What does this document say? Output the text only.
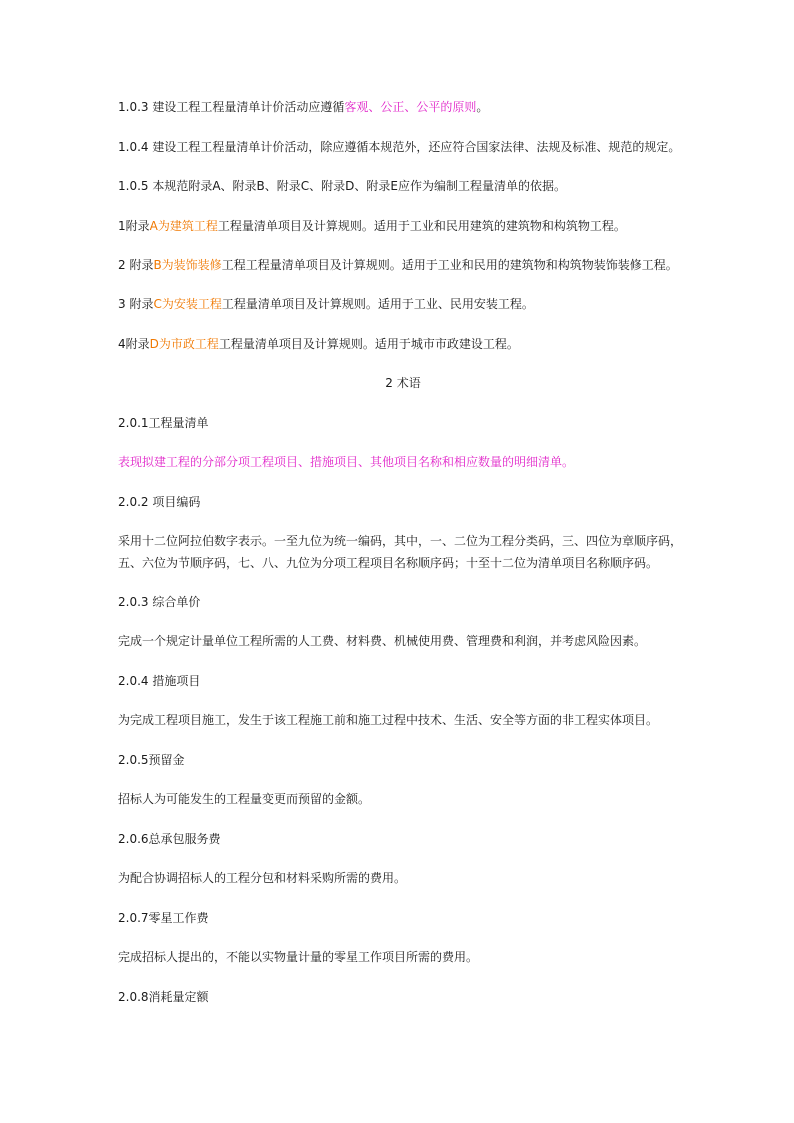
1.0.3 建设工程工程量清单计价活动应遵循客观、公正、公平的原则。
1.0.4 建设工程工程量清单计价活动，除应遵循本规范外，还应符合国家法律、法规及标准、规范的规定。
1.0.5 本规范附录A、附录B、附录C、附录D、附录E应作为编制工程量清单的依据。
1附录A为建筑工程工程量清单项目及计算规则。适用于工业和民用建筑的建筑物和构筑物工程。
2 附录B为装饰装修工程工程量清单项目及计算规则。适用于工业和民用的建筑物和构筑物装饰装修工程。
3 附录C为安装工程工程量清单项目及计算规则。适用于工业、民用安装工程。
4附录D为市政工程工程量清单项目及计算规则。适用于城市市政建设工程。
2 术语
2.0.1工程量清单
表现拟建工程的分部分项工程项目、措施项目、其他项目名称和相应数量的明细清单。
2.0.2 项目编码
采用十二位阿拉伯数字表示。一至九位为统一编码，其中，一、二位为工程分类码，三、四位为章顺序码，五、六位为节顺序码，七、八、九位为分项工程项目名称顺序码；十至十二位为清单项目名称顺序码。
2.0.3 综合单价
完成一个规定计量单位工程所需的人工费、材料费、机械使用费、管理费和利润，并考虑风险因素。
2.0.4 措施项目
为完成工程项目施工，发生于该工程施工前和施工过程中技术、生活、安全等方面的非工程实体项目。
2.0.5预留金
招标人为可能发生的工程量变更而预留的金额。
2.0.6总承包服务费
为配合协调招标人的工程分包和材料采购所需的费用。
2.0.7零星工作费
完成招标人提出的，不能以实物量计量的零星工作项目所需的费用。
2.0.8消耗量定额
